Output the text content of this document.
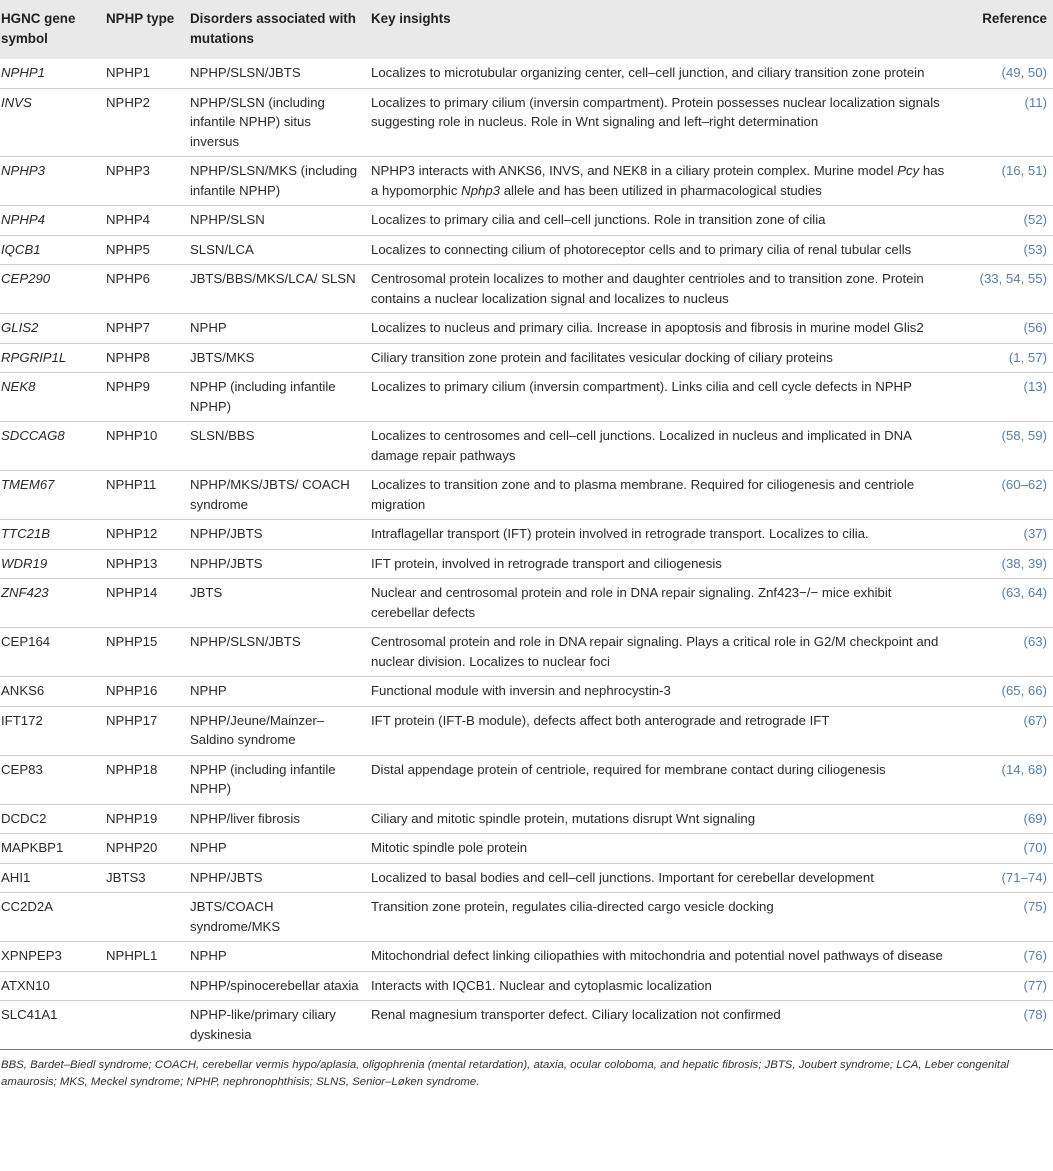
HGNC gene symbol	NPHP type	Disorders associated with mutations	Key insights	Reference
NPHP1	NPHP1	NPHP/SLSN/JBTS	Localizes to microtubular organizing center, cell–cell junction, and ciliary transition zone protein	(49, 50)
INVS	NPHP2	NPHP/SLSN (including infantile NPHP) situs inversus	Localizes to primary cilium (inversin compartment). Protein possesses nuclear localization signals suggesting role in nucleus. Role in Wnt signaling and left–right determination	(11)
NPHP3	NPHP3	NPHP/SLSN/MKS (including infantile NPHP)	NPHP3 interacts with ANKS6, INVS, and NEK8 in a ciliary protein complex. Murine model Pcy has a hypomorphic Nphp3 allele and has been utilized in pharmacological studies	(16, 51)
NPHP4	NPHP4	NPHP/SLSN	Localizes to primary cilia and cell–cell junctions. Role in transition zone of cilia	(52)
IQCB1	NPHP5	SLSN/LCA	Localizes to connecting cilium of photoreceptor cells and to primary cilia of renal tubular cells	(53)
CEP290	NPHP6	JBTS/BBS/MKS/LCA/ SLSN	Centrosomal protein localizes to mother and daughter centrioles and to transition zone. Protein contains a nuclear localization signal and localizes to nucleus	(33, 54, 55)
GLIS2	NPHP7	NPHP	Localizes to nucleus and primary cilia. Increase in apoptosis and fibrosis in murine model Glis2	(56)
RPGRIP1L	NPHP8	JBTS/MKS	Ciliary transition zone protein and facilitates vesicular docking of ciliary proteins	(1, 57)
NEK8	NPHP9	NPHP (including infantile NPHP)	Localizes to primary cilium (inversin compartment). Links cilia and cell cycle defects in NPHP	(13)
SDCCAG8	NPHP10	SLSN/BBS	Localizes to centrosomes and cell–cell junctions. Localized in nucleus and implicated in DNA damage repair pathways	(58, 59)
TMEM67	NPHP11	NPHP/MKS/JBTS/ COACH syndrome	Localizes to transition zone and to plasma membrane. Required for ciliogenesis and centriole migration	(60–62)
TTC21B	NPHP12	NPHP/JBTS	Intraflagellar transport (IFT) protein involved in retrograde transport. Localizes to cilia.	(37)
WDR19	NPHP13	NPHP/JBTS	IFT protein, involved in retrograde transport and ciliogenesis	(38, 39)
ZNF423	NPHP14	JBTS	Nuclear and centrosomal protein and role in DNA repair signaling. Znf423−/− mice exhibit cerebellar defects	(63, 64)
CEP164	NPHP15	NPHP/SLSN/JBTS	Centrosomal protein and role in DNA repair signaling. Plays a critical role in G2/M checkpoint and nuclear division. Localizes to nuclear foci	(63)
ANKS6	NPHP16	NPHP	Functional module with inversin and nephrocystin-3	(65, 66)
IFT172	NPHP17	NPHP/Jeune/Mainzer–Saldino syndrome	IFT protein (IFT-B module), defects affect both anterograde and retrograde IFT	(67)
CEP83	NPHP18	NPHP (including infantile NPHP)	Distal appendage protein of centriole, required for membrane contact during ciliogenesis	(14, 68)
DCDC2	NPHP19	NPHP/liver fibrosis	Ciliary and mitotic spindle protein, mutations disrupt Wnt signaling	(69)
MAPKBP1	NPHP20	NPHP	Mitotic spindle pole protein	(70)
AHI1	JBTS3	NPHP/JBTS	Localized to basal bodies and cell–cell junctions. Important for cerebellar development	(71–74)
CC2D2A		JBTS/COACH syndrome/MKS	Transition zone protein, regulates cilia-directed cargo vesicle docking	(75)
XPNPEP3	NPHPL1	NPHP	Mitochondrial defect linking ciliopathies with mitochondria and potential novel pathways of disease	(76)
ATXN10		NPHP/spinocerebellar ataxia	Interacts with IQCB1. Nuclear and cytoplasmic localization	(77)
SLC41A1		NPHP-like/primary ciliary dyskinesia	Renal magnesium transporter defect. Ciliary localization not confirmed	(78)
BBS, Bardet–Biedl syndrome; COACH, cerebellar vermis hypo/aplasia, oligophrenia (mental retardation), ataxia, ocular coloboma, and hepatic fibrosis; JBTS, Joubert syndrome; LCA, Leber congenital amaurosis; MKS, Meckel syndrome; NPHP, nephronophthisis; SLNS, Senior–Løken syndrome.
